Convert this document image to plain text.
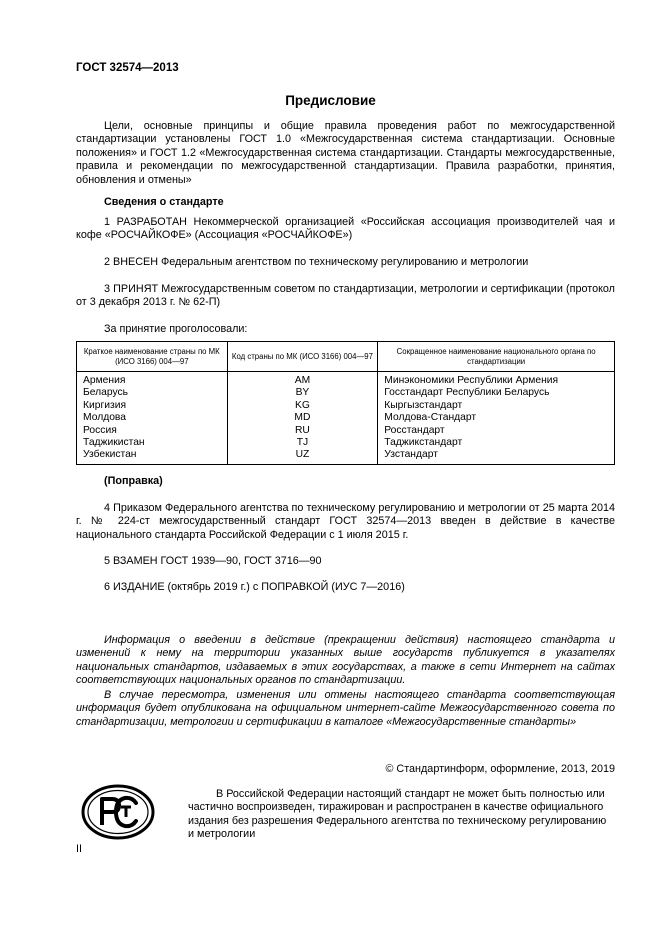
ГОСТ 32574—2013
Предисловие
Цели, основные принципы и общие правила проведения работ по межгосударственной стандартизации установлены ГОСТ 1.0 «Межгосударственная система стандартизации. Основные положения» и ГОСТ 1.2 «Межгосударственная система стандартизации. Стандарты межгосударственные, правила и рекомендации по межгосударственной стандартизации. Правила разработки, принятия, обновления и отмены»
Сведения о стандарте
1 РАЗРАБОТАН Некоммерческой организацией «Российская ассоциация производителей чая и кофе «РОСЧАЙКОФЕ» (Ассоциация «РОСЧАЙКОФЕ»)
2 ВНЕСЕН Федеральным агентством по техническому регулированию и метрологии
3 ПРИНЯТ Межгосударственным советом по стандартизации, метрологии и сертификации (протокол от 3 декабря 2013 г. № 62-П)
За принятие проголосовали:
Краткое наименование страны по МК (ИСО 3166) 004—97	Код страны по МК (ИСО 3166) 004—97	Сокращенное наименование национального органа по стандартизации
Армения	AM	Минэкономики Республики Армения
Беларусь	BY	Госстандарт Республики Беларусь
Киргизия	KG	Кыргызстандарт
Молдова	MD	Молдова-Стандарт
Россия	RU	Росстандарт
Таджикистан	TJ	Таджикстандарт
Узбекистан	UZ	Узстандарт
(Поправка)
4 Приказом Федерального агентства по техническому регулированию и метрологии от 25 марта 2014 г. № 224-ст межгосударственный стандарт ГОСТ 32574—2013 введен в действие в качестве национального стандарта Российской Федерации с 1 июля 2015 г.
5 ВЗАМЕН ГОСТ 1939—90, ГОСТ 3716—90
6 ИЗДАНИЕ (октябрь 2019 г.) с ПОПРАВКОЙ (ИУС 7—2016)
Информация о введении в действие (прекращении действия) настоящего стандарта и изменений к нему на территории указанных выше государств публикуется в указателях национальных стандартов, издаваемых в этих государствах, а также в сети Интернет на сайтах соответствующих национальных органов по стандартизации.
В случае пересмотра, изменения или отмены настоящего стандарта соответствующая информация будет опубликована на официальном интернет-сайте Межгосударственного совета по стандартизации, метрологии и сертификации в каталоге «Межгосударственные стандарты»
© Стандартинформ, оформление, 2013, 2019
В Российской Федерации настоящий стандарт не может быть полностью или частично воспроизведен, тиражирован и распространен в качестве официального издания без разрешения Федерального агентства по техническому регулированию и метрологии
II
